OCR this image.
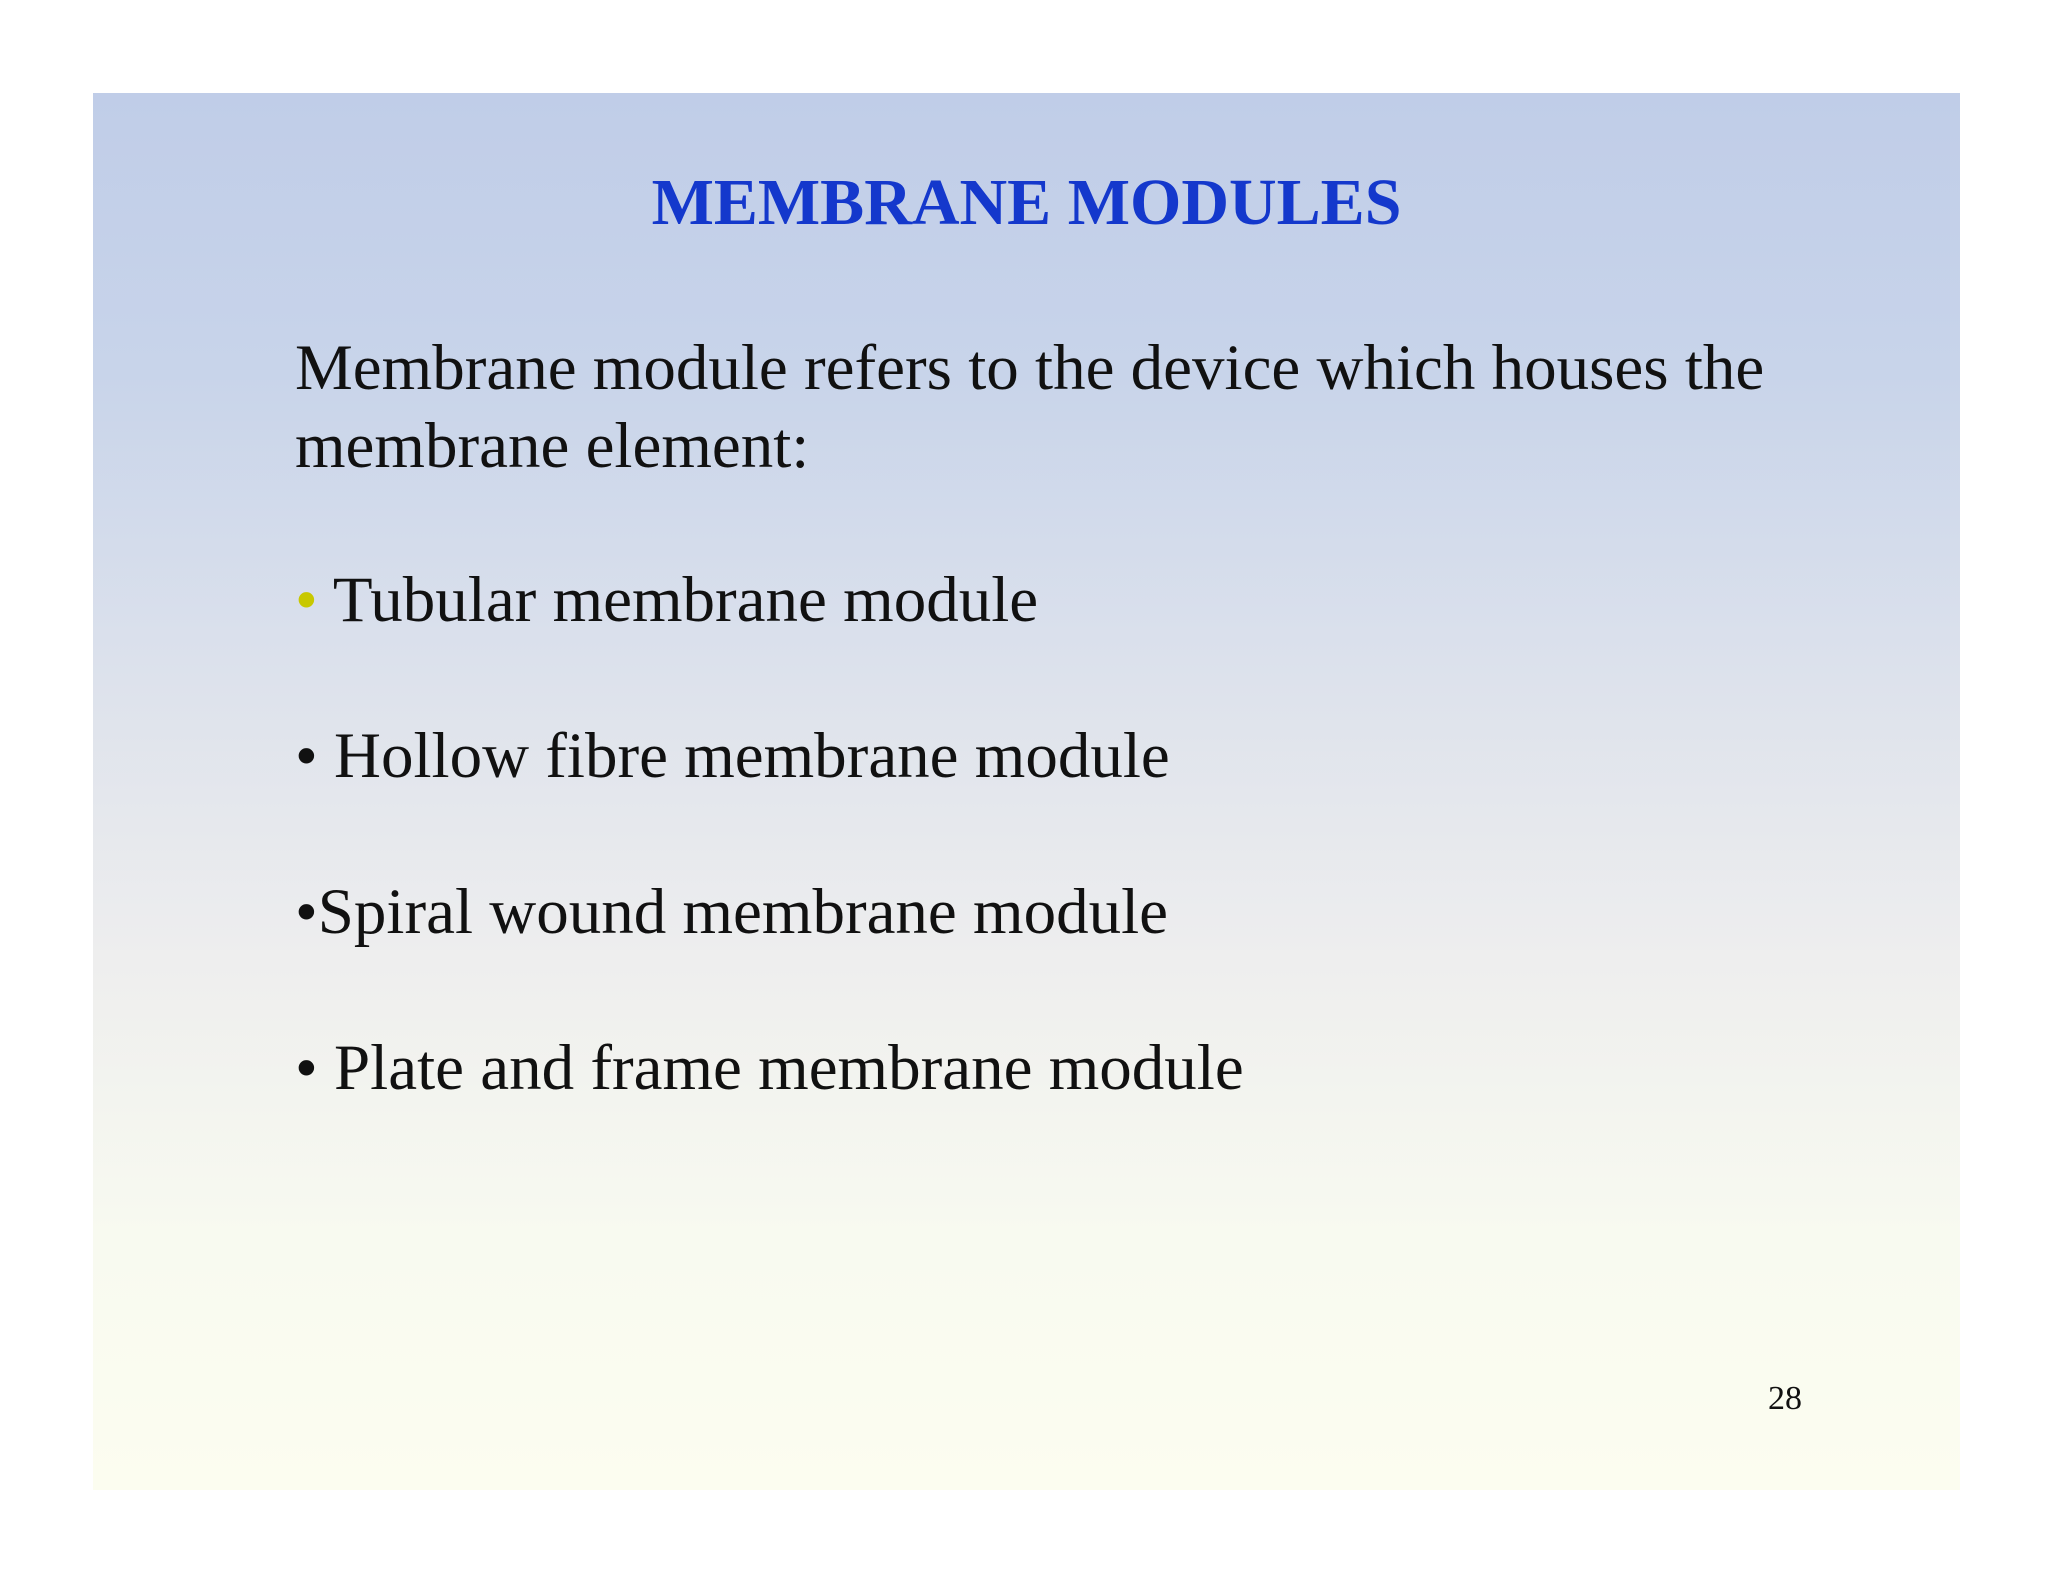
MEMBRANE MODULES

Membrane module refers to the device which houses the membrane element:

• Tubular membrane module
• Hollow fibre membrane module
•Spiral wound membrane module
• Plate and frame membrane module
28
